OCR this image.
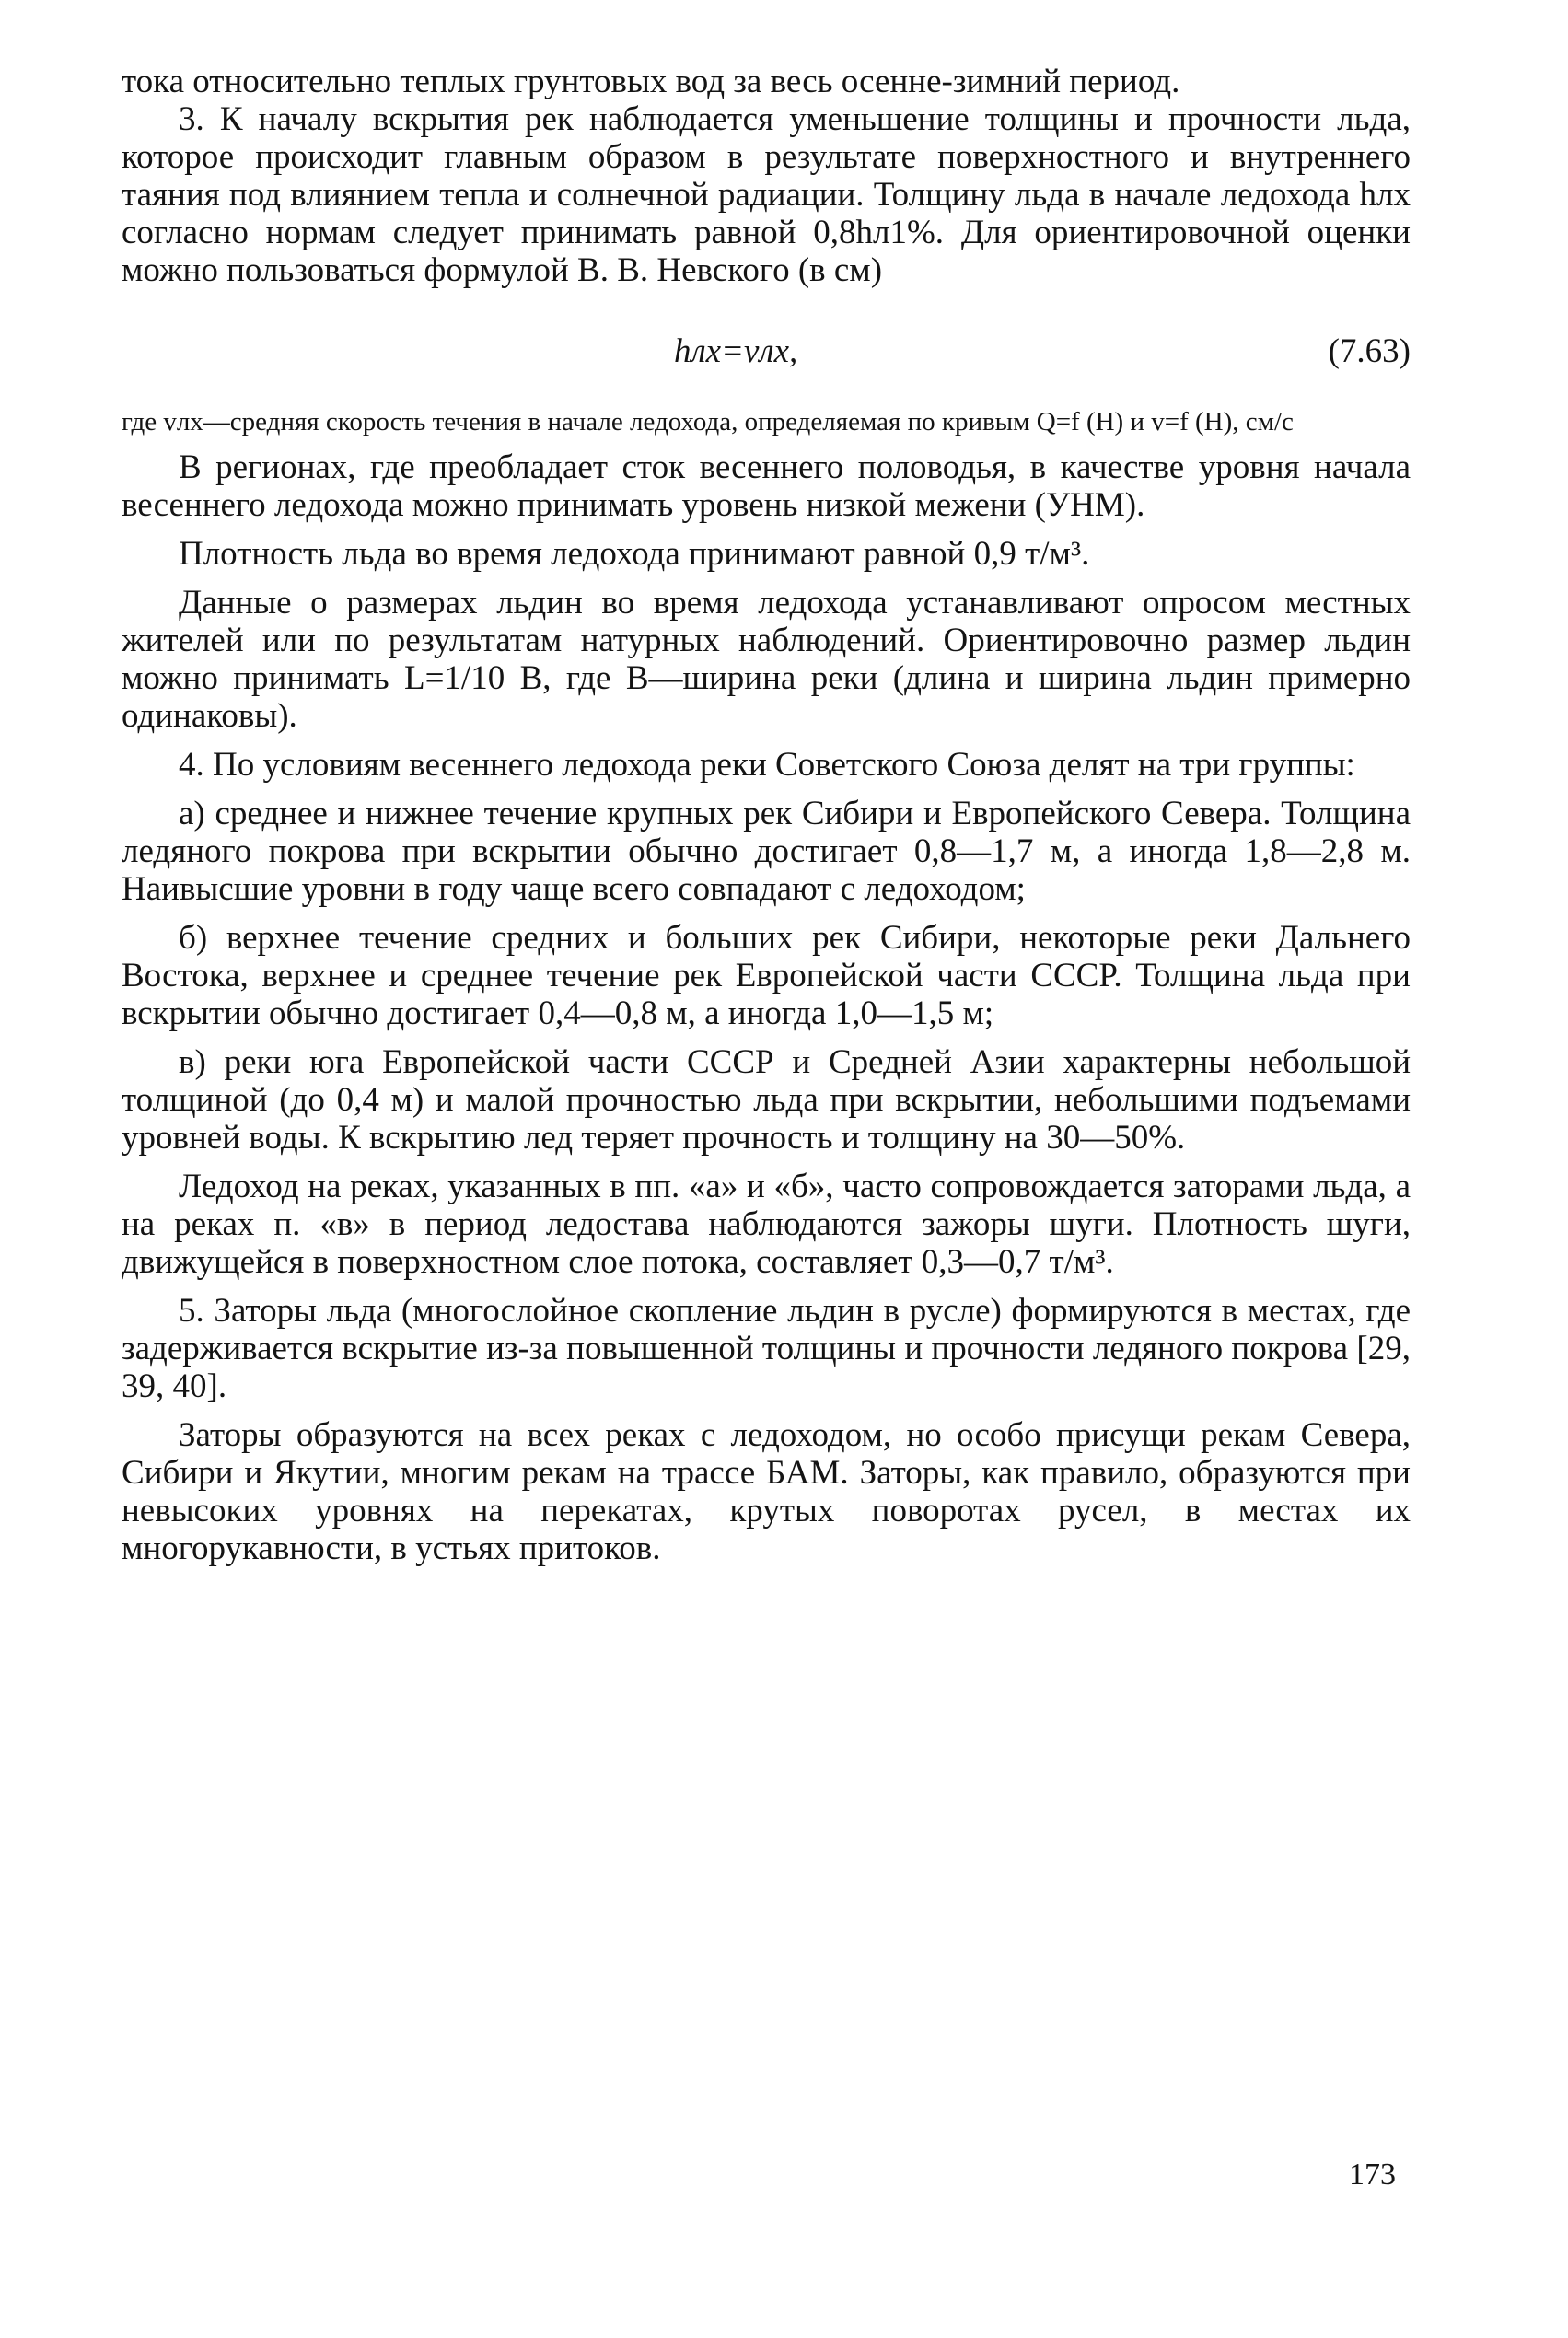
тока относительно теплых грунтовых вод за весь осенне-зимний период.

3. К началу вскрытия рек наблюдается уменьшение толщины и прочности льда, которое происходит главным образом в результате поверхностного и внутреннего таяния под влиянием тепла и солнечной радиации. Толщину льда в начале ледохода hлх согласно нормам следует принимать равной 0,8hл1%. Для ориентировочной оценки можно пользоваться формулой В. В. Невского (в см)

hлх=vлх,	(7.63)

где vлх—средняя скорость течения в начале ледохода, определяемая по кривым Q=f (H) и v=f (H), см/с

В регионах, где преобладает сток весеннего половодья, в качестве уровня начала весеннего ледохода можно принимать уровень низкой межени (УНМ).

Плотность льда во время ледохода принимают равной 0,9 т/м³.

Данные о размерах льдин во время ледохода устанавливают опросом местных жителей или по результатам натурных наблюдений. Ориентировочно размер льдин можно принимать L=1/10 В, где В—ширина реки (длина и ширина льдин примерно одинаковы).

4. По условиям весеннего ледохода реки Советского Союза делят на три группы:

а) среднее и нижнее течение крупных рек Сибири и Европейского Севера. Толщина ледяного покрова при вскрытии обычно достигает 0,8—1,7 м, а иногда 1,8—2,8 м. Наивысшие уровни в году чаще всего совпадают с ледоходом;

б) верхнее течение средних и больших рек Сибири, некоторые реки Дальнего Востока, верхнее и среднее течение рек Европейской части СССР. Толщина льда при вскрытии обычно достигает 0,4—0,8 м, а иногда 1,0—1,5 м;

в) реки юга Европейской части СССР и Средней Азии характерны небольшой толщиной (до 0,4 м) и малой прочностью льда при вскрытии, небольшими подъемами уровней воды. К вскрытию лед теряет прочность и толщину на 30—50%.

Ледоход на реках, указанных в пп. «а» и «б», часто сопровождается заторами льда, а на реках п. «в» в период ледостава наблюдаются зажоры шуги. Плотность шуги, движущейся в поверхностном слое потока, составляет 0,3—0,7 т/м³.

5. Заторы льда (многослойное скопление льдин в русле) формируются в местах, где задерживается вскрытие из-за повышенной толщины и прочности ледяного покрова [29, 39, 40].

Заторы образуются на всех реках с ледоходом, но особо присущи рекам Севера, Сибири и Якутии, многим рекам на трассе БАМ. Заторы, как правило, образуются при невысоких уровнях на перекатах, крутых поворотах русел, в местах их многорукавности, в устьях притоков.

173
